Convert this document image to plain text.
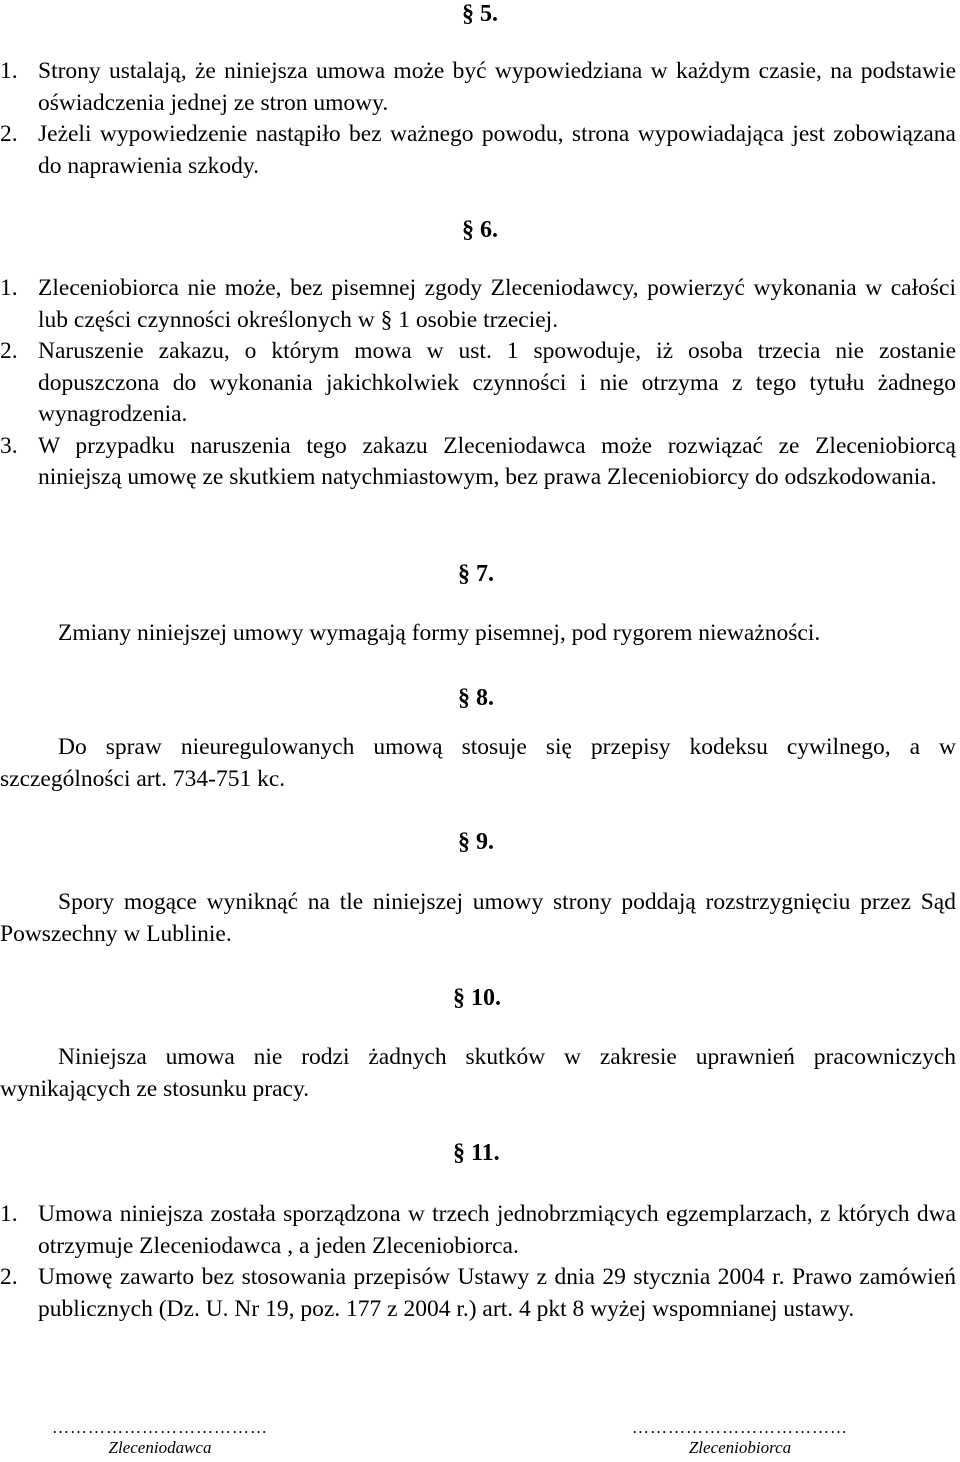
§ 5.
1. Strony ustalają, że niniejsza umowa może być wypowiedziana w każdym czasie, na podstawie oświadczenia jednej ze stron umowy.
2. Jeżeli wypowiedzenie nastąpiło bez ważnego powodu, strona wypowiadająca jest zobowiązana do naprawienia szkody.
§ 6.
1. Zleceniobiorca nie może, bez pisemnej zgody Zleceniodawcy, powierzyć wykonania w całości lub części czynności określonych w § 1 osobie trzeciej.
2. Naruszenie zakazu, o którym mowa w ust. 1 spowoduje, iż osoba trzecia nie zostanie dopuszczona do wykonania jakichkolwiek czynności i nie otrzyma z tego tytułu żadnego wynagrodzenia.
3. W przypadku naruszenia tego zakazu Zleceniodawca może rozwiązać ze Zleceniobiorcą niniejszą umowę ze skutkiem natychmiastowym, bez prawa Zleceniobiorcy do odszkodowania.
§ 7.
Zmiany niniejszej umowy wymagają formy pisemnej, pod rygorem nieważności.
§ 8.
Do spraw nieuregulowanych umową stosuje się przepisy kodeksu cywilnego, a w szczególności art. 734-751 kc.
§ 9.
Spory mogące wyniknąć na tle niniejszej umowy strony poddają rozstrzygnięciu przez Sąd Powszechny w Lublinie.
§ 10.
Niniejsza umowa nie rodzi żadnych skutków w zakresie uprawnień pracowniczych wynikających ze stosunku pracy.
§ 11.
1. Umowa niniejsza została sporządzona w trzech jednobrzmiących egzemplarzach, z których dwa otrzymuje Zleceniodawca , a jeden Zleceniobiorca.
2. Umowę zawarto bez stosowania przepisów Ustawy z dnia 29 stycznia 2004 r. Prawo zamówień publicznych (Dz. U. Nr 19, poz. 177 z 2004 r.) art. 4 pkt 8 wyżej wspomnianej ustawy.
………………………………
Zleceniodawca
………………………………
Zleceniobiorca
